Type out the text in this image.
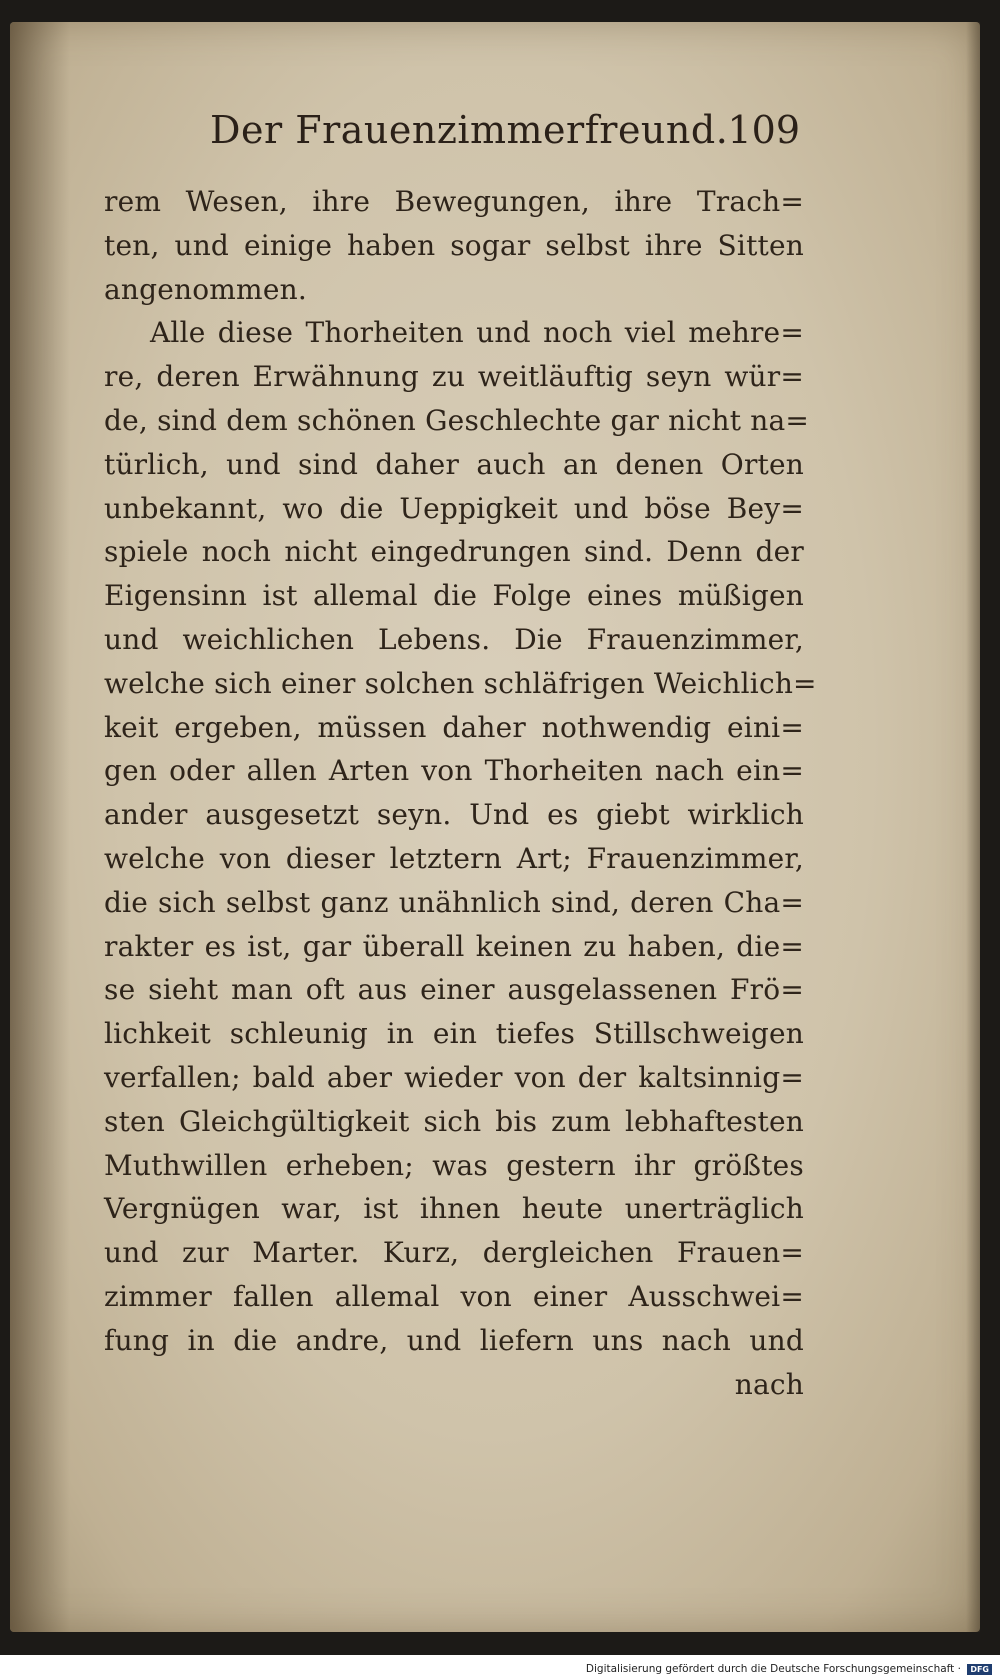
Der Frauenzimmerfreund. 109
rem Wesen, ihre Bewegungen, ihre Trach=
ten, und einige haben sogar selbst ihre Sitten
angenommen.
Alle diese Thorheiten und noch viel mehre=
re, deren Erwähnung zu weitläuftig seyn wür=
de, sind dem schönen Geschlechte gar nicht na=
türlich, und sind daher auch an denen Orten
unbekannt, wo die Ueppigkeit und böse Bey=
spiele noch nicht eingedrungen sind. Denn der
Eigensinn ist allemal die Folge eines müßigen
und weichlichen Lebens. Die Frauenzimmer,
welche sich einer solchen schläfrigen Weichlich=
keit ergeben, müssen daher nothwendig eini=
gen oder allen Arten von Thorheiten nach ein=
ander ausgesetzt seyn. Und es giebt wirklich
welche von dieser letztern Art; Frauenzimmer,
die sich selbst ganz unähnlich sind, deren Cha=
rakter es ist, gar überall keinen zu haben, die=
se sieht man oft aus einer ausgelassenen Frö=
lichkeit schleunig in ein tiefes Stillschweigen
verfallen; bald aber wieder von der kaltsinnig=
sten Gleichgültigkeit sich bis zum lebhaftesten
Muthwillen erheben; was gestern ihr größtes
Vergnügen war, ist ihnen heute unerträglich
und zur Marter. Kurz, dergleichen Frauen=
zimmer fallen allemal von einer Ausschwei=
fung in die andre, und liefern uns nach und
nach
Digitalisierung gefördert durch die Deutsche Forschungsgemeinschaft · DFG
